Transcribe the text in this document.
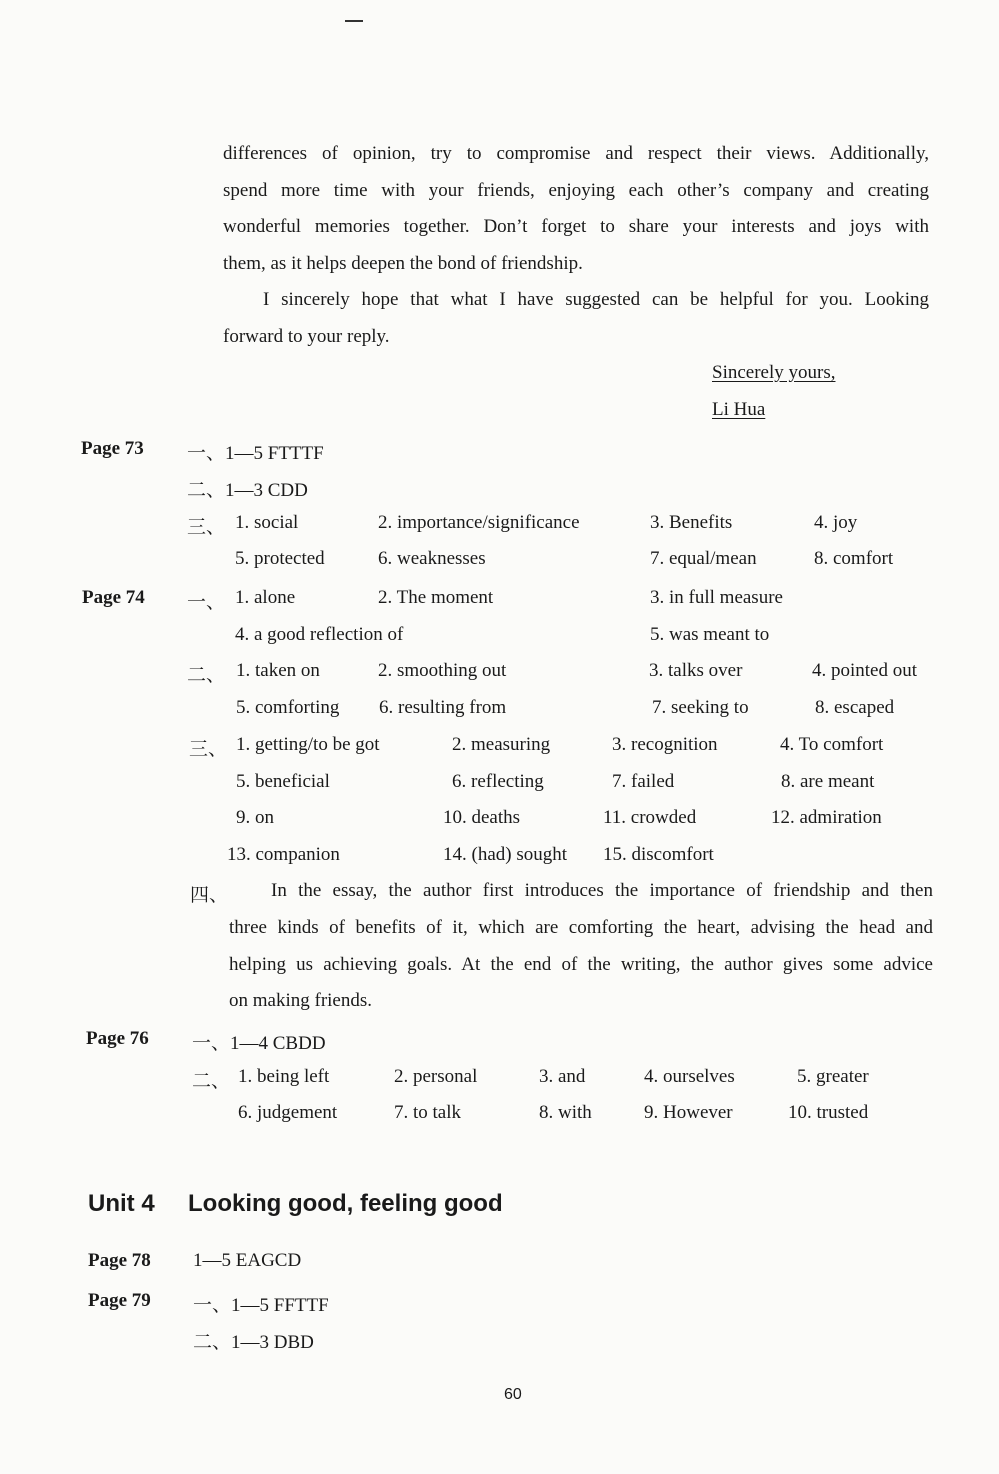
differences of opinion, try to compromise and respect their views. Additionally,
spend more time with your friends, enjoying each other’s company and creating
wonderful memories together. Don’t forget to share your interests and joys with
them, as it helps deepen the bond of friendship.
I sincerely hope that what I have suggested can be helpful for you. Looking
forward to your reply.
Sincerely yours,
Li Hua
Page 73 一、1—5 FTTTF
二、1—3 CDD
三、 1. social	2. importance/significance	3. Benefits	4. joy
5. protected	6. weaknesses	7. equal/mean	8. comfort
Page 74 一、 1. alone	2. The moment	3. in full measure
4. a good reflection of	5. was meant to
二、 1. taken on	2. smoothing out	3. talks over	4. pointed out
5. comforting 6. resulting from	7. seeking to	8. escaped
三、 1. getting/to be got	2. measuring	3. recognition	4. To comfort
5. beneficial	6. reflecting	7. failed	8. are meant
9. on	10. deaths	11. crowded	12. admiration
13. companion	14. (had) sought 15. discomfort
四、 In the essay, the author first introduces the importance of friendship and then
three kinds of benefits of it, which are comforting the heart, advising the head and
helping us achieving goals. At the end of the writing, the author gives some advice
on making friends.
Page 76 一、1—4 CBDD
二、 1. being left	2. personal	3. and	4. ourselves	5. greater
6. judgement	7. to talk	8. with	9. However	10. trusted
Unit 4 Looking good, feeling good
Page 78 1—5 EAGCD
Page 79 一、1—5 FFTTF
二、1—3 DBD
60
